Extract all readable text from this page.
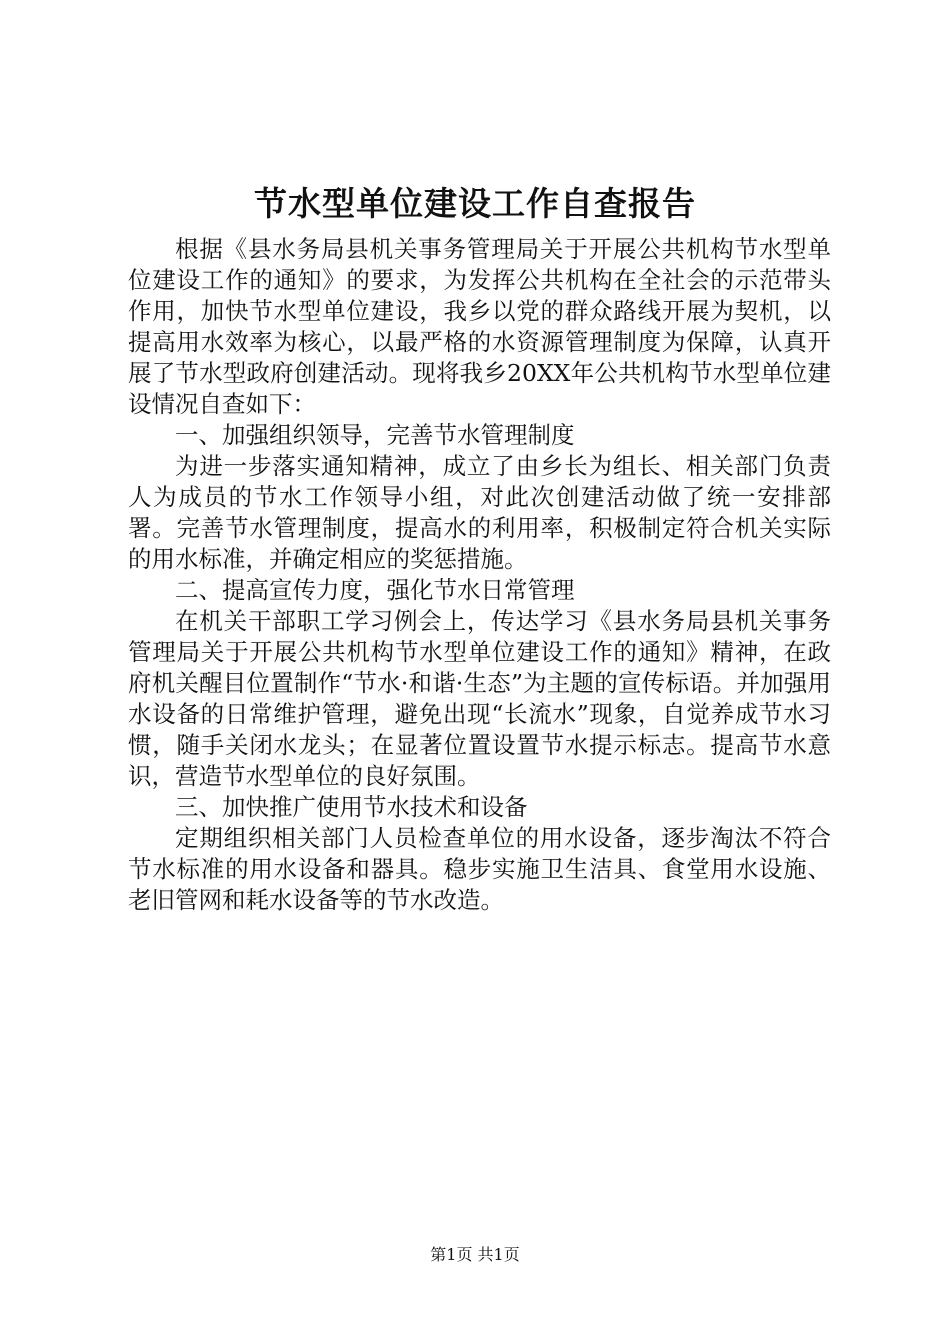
节水型单位建设工作自查报告

根据《县水务局县机关事务管理局关于开展公共机构节水型单位建设工作的通知》的要求，为发挥公共机构在全社会的示范带头作用，加快节水型单位建设，我乡以党的群众路线开展为契机，以提高用水效率为核心，以最严格的水资源管理制度为保障，认真开展了节水型政府创建活动。现将我乡20XX年公共机构节水型单位建设情况自查如下：

一、加强组织领导，完善节水管理制度

为进一步落实通知精神，成立了由乡长为组长、相关部门负责人为成员的节水工作领导小组，对此次创建活动做了统一安排部署。完善节水管理制度，提高水的利用率，积极制定符合机关实际的用水标准，并确定相应的奖惩措施。

二、提高宣传力度，强化节水日常管理

在机关干部职工学习例会上，传达学习《县水务局县机关事务管理局关于开展公共机构节水型单位建设工作的通知》精神，在政府机关醒目位置制作“节水·和谐·生态”为主题的宣传标语。并加强用水设备的日常维护管理，避免出现“长流水”现象，自觉养成节水习惯，随手关闭水龙头；在显著位置设置节水提示标志。提高节水意识，营造节水型单位的良好氛围。

三、加快推广使用节水技术和设备

定期组织相关部门人员检查单位的用水设备，逐步淘汰不符合节水标准的用水设备和器具。稳步实施卫生洁具、食堂用水设施、老旧管网和耗水设备等的节水改造。

第1页 共1页
